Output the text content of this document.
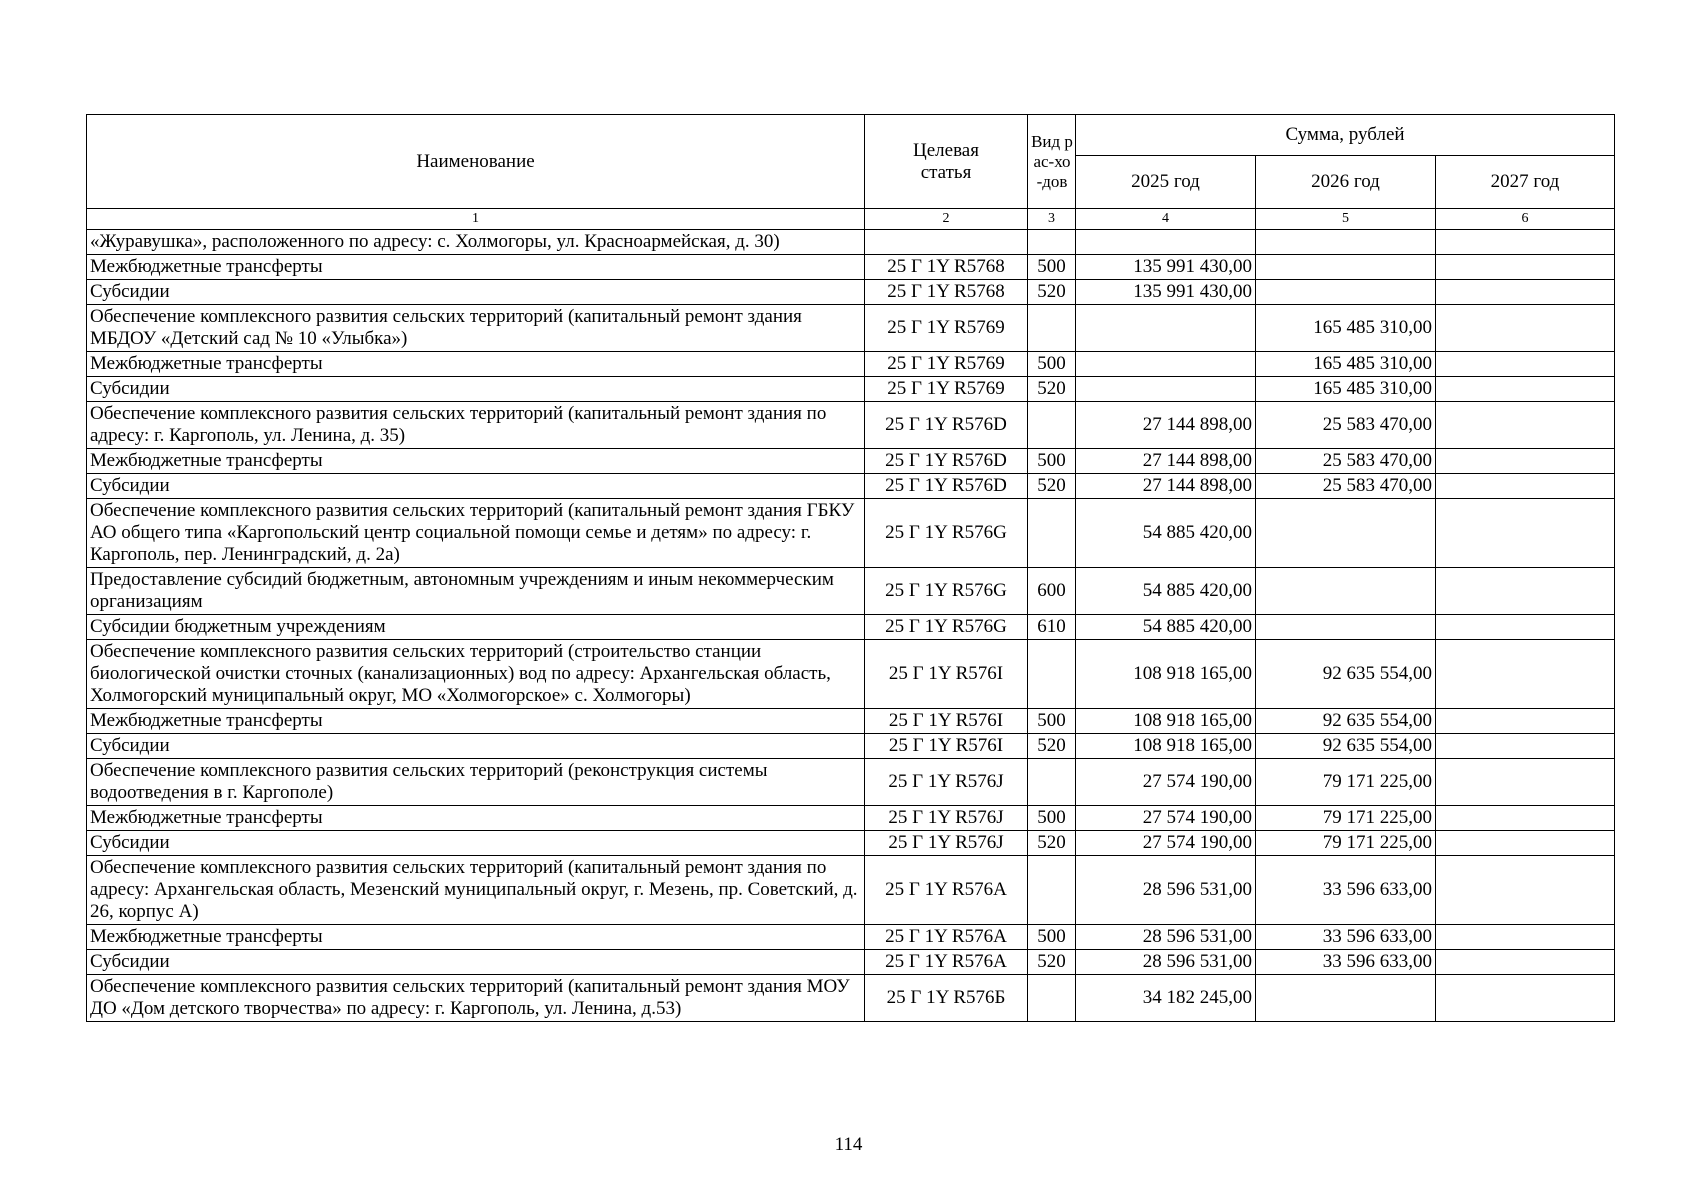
Наименование	Целевая статья	Вид рас-хо-дов	Сумма, рублей		
			2025 год	2026 год	2027 год
1	2	3	4	5	6
«Журавушка», расположенного по адресу: с. Холмогоры, ул. Красноармейская, д. 30)					
Межбюджетные трансферты	25 Г 1Y R5768	500	135 991 430,00		
Субсидии	25 Г 1Y R5768	520	135 991 430,00		
Обеспечение комплексного развития сельских территорий (капитальный ремонт здания МБДОУ «Детский сад № 10 «Улыбка»)	25 Г 1Y R5769			165 485 310,00	
Межбюджетные трансферты	25 Г 1Y R5769	500		165 485 310,00	
Субсидии	25 Г 1Y R5769	520		165 485 310,00	
Обеспечение комплексного развития сельских территорий (капитальный ремонт здания по адресу: г. Каргополь, ул. Ленина, д. 35)	25 Г 1Y R576D		27 144 898,00	25 583 470,00	
Межбюджетные трансферты	25 Г 1Y R576D	500	27 144 898,00	25 583 470,00	
Субсидии	25 Г 1Y R576D	520	27 144 898,00	25 583 470,00	
Обеспечение комплексного развития сельских территорий (капитальный ремонт здания ГБКУ АО общего типа «Каргопольский центр социальной помощи семье и детям» по адресу: г. Каргополь, пер. Ленинградский, д. 2а)	25 Г 1Y R576G		54 885 420,00		
Предоставление субсидий бюджетным, автономным учреждениям и иным некоммерческим организациям	25 Г 1Y R576G	600	54 885 420,00		
Субсидии бюджетным учреждениям	25 Г 1Y R576G	610	54 885 420,00		
Обеспечение комплексного развития сельских территорий (строительство станции биологической очистки сточных (канализационных) вод по адресу: Архангельская область, Холмогорский муниципальный округ, МО «Холмогорское» с. Холмогоры)	25 Г 1Y R576I		108 918 165,00	92 635 554,00	
Межбюджетные трансферты	25 Г 1Y R576I	500	108 918 165,00	92 635 554,00	
Субсидии	25 Г 1Y R576I	520	108 918 165,00	92 635 554,00	
Обеспечение комплексного развития сельских территорий (реконструкция системы водоотведения в г. Каргополе)	25 Г 1Y R576J		27 574 190,00	79 171 225,00	
Межбюджетные трансферты	25 Г 1Y R576J	500	27 574 190,00	79 171 225,00	
Субсидии	25 Г 1Y R576J	520	27 574 190,00	79 171 225,00	
Обеспечение комплексного развития сельских территорий (капитальный ремонт здания по адресу: Архангельская область, Мезенский муниципальный округ, г. Мезень, пр. Советский, д. 26, корпус А)	25 Г 1Y R576A		28 596 531,00	33 596 633,00	
Межбюджетные трансферты	25 Г 1Y R576A	500	28 596 531,00	33 596 633,00	
Субсидии	25 Г 1Y R576A	520	28 596 531,00	33 596 633,00	
Обеспечение комплексного развития сельских территорий (капитальный ремонт здания МОУ ДО «Дом детского творчества» по адресу: г. Каргополь, ул. Ленина, д.53)	25 Г 1Y R576Б		34 182 245,00		
114
